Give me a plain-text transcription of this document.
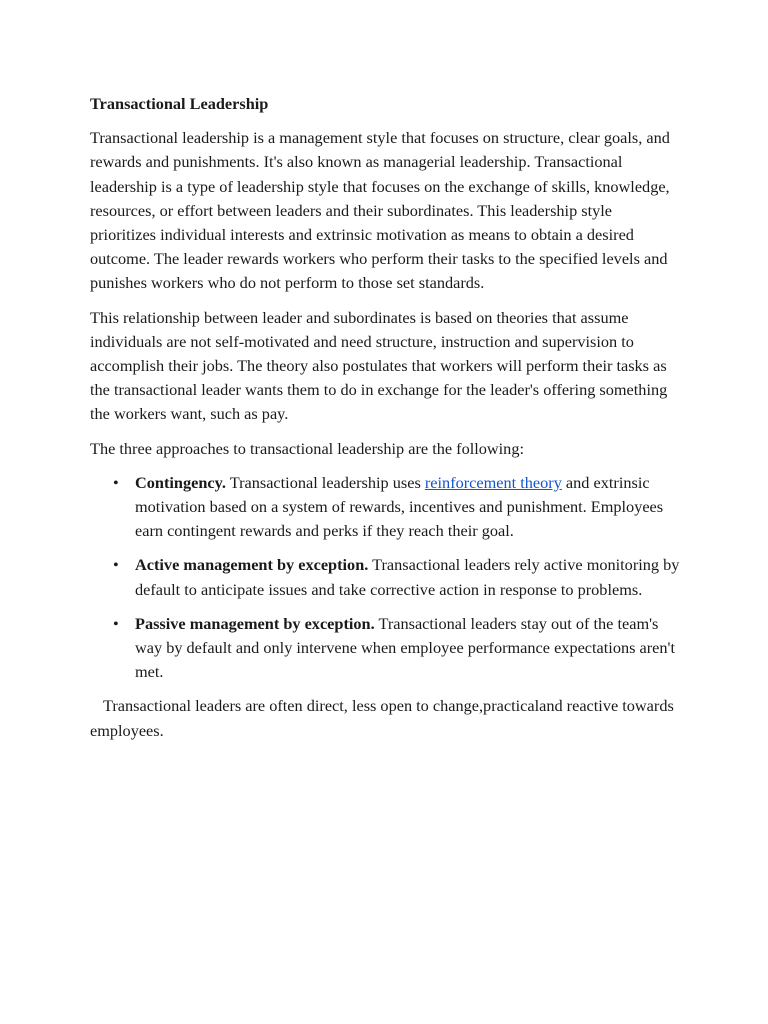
Transactional Leadership

Transactional leadership is a management style that focuses on structure, clear goals, and rewards and punishments. It's also known as managerial leadership. Transactional leadership is a type of leadership style that focuses on the exchange of skills, knowledge, resources, or effort between leaders and their subordinates. This leadership style prioritizes individual interests and extrinsic motivation as means to obtain a desired outcome. The leader rewards workers who perform their tasks to the specified levels and punishes workers who do not perform to those set standards.

This relationship between leader and subordinates is based on theories that assume individuals are not self-motivated and need structure, instruction and supervision to accomplish their jobs. The theory also postulates that workers will perform their tasks as the transactional leader wants them to do in exchange for the leader's offering something the workers want, such as pay.

The three approaches to transactional leadership are the following:

• Contingency. Transactional leadership uses reinforcement theory and extrinsic motivation based on a system of rewards, incentives and punishment. Employees earn contingent rewards and perks if they reach their goal.
• Active management by exception. Transactional leaders rely active monitoring by default to anticipate issues and take corrective action in response to problems.
• Passive management by exception. Transactional leaders stay out of the team's way by default and only intervene when employee performance expectations aren't met.

Transactional leaders are often direct, less open to change,practicaland reactive towards employees.
